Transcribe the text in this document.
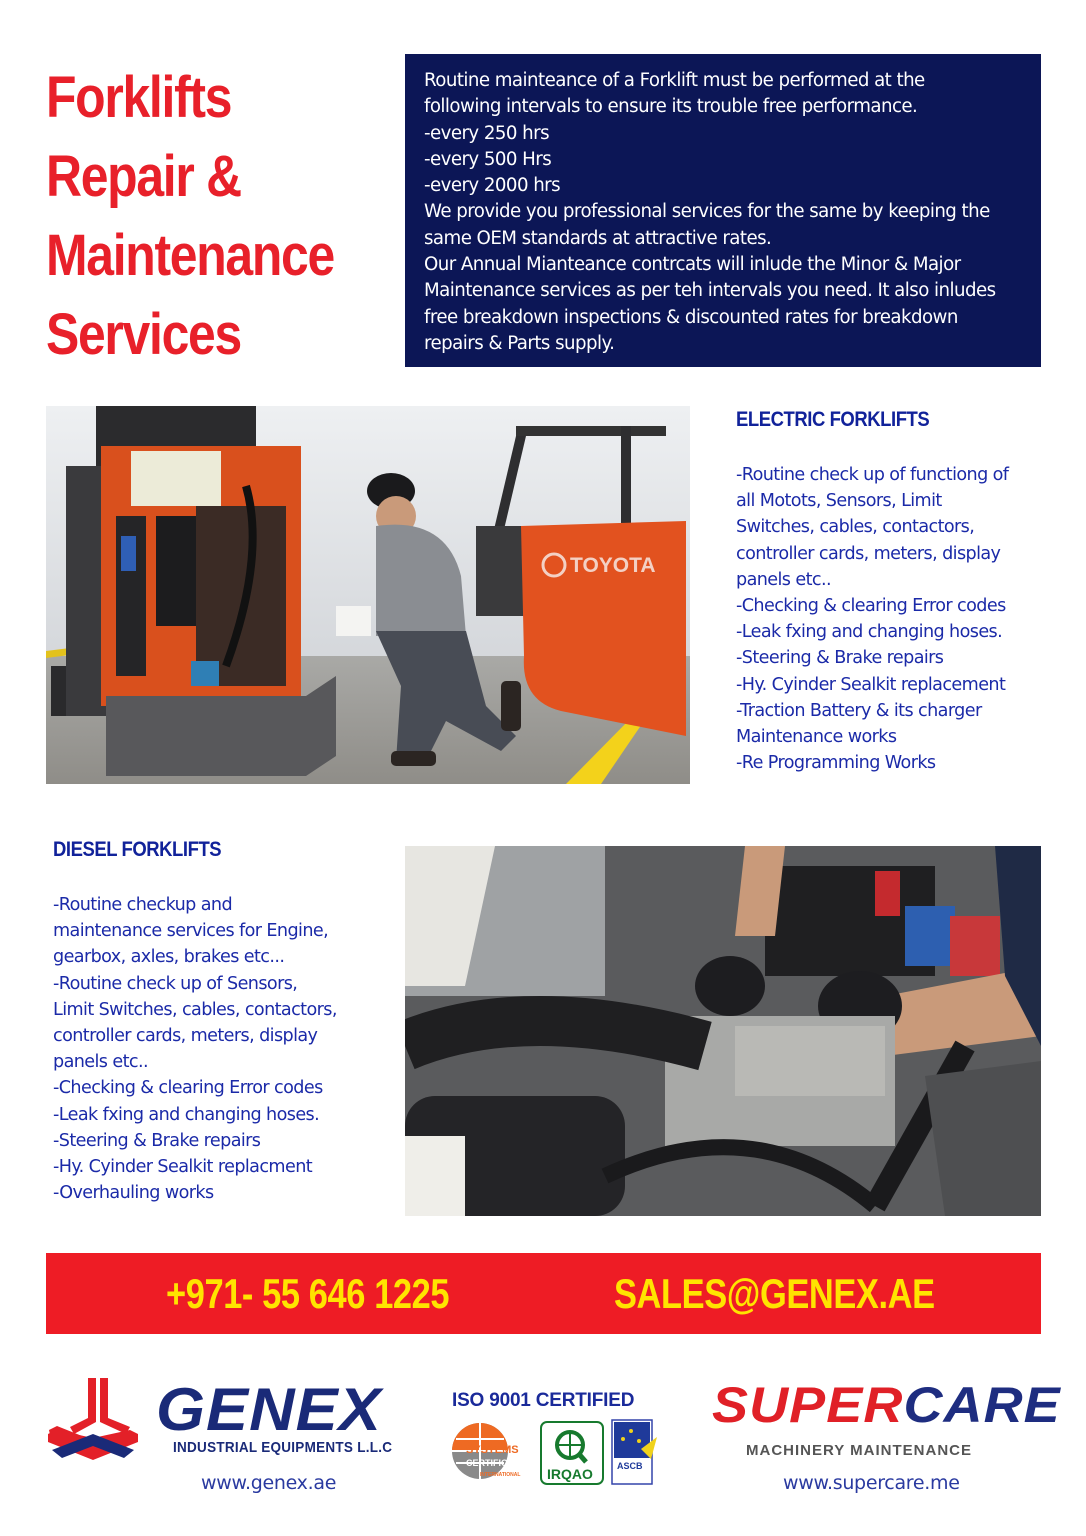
Forklifts
Repair &
Maintenance
Services

Routine mainteance of a Forklift must be performed at the

following intervals to ensure its trouble free performance.

-every 250 hrs

-every 500 Hrs

-every 2000 hrs

We provide you professional services for the same by keeping the

same OEM standards at attractive rates.

Our Annual Mianteance contrcats will inlude the Minor & Major

Maintenance services as per teh intervals you need. It also inludes

free breakdown inspections & discounted rates for breakdown

repairs & Parts supply.

TOYOTA
ELECTRIC FORKLIFTS

-Routine check up of functiong of

all Motots, Sensors, Limit

Switches, cables, contactors,

controller cards, meters, display

panels etc..

-Checking & clearing Error codes

-Leak fxing and changing hoses.

-Steering & Brake repairs

-Hy. Cyinder Sealkit replacement

-Traction Battery & its charger

Maintenance works

-Re Programming Works

DIESEL FORKLIFTS

-Routine checkup and

maintenance services for Engine,

gearbox, axles, brakes etc...

-Routine check up of Sensors,

Limit Switches, cables, contactors,

controller cards, meters, display

panels etc..

-Checking & clearing Error codes

-Leak fxing and changing hoses.

-Steering & Brake repairs

-Hy. Cyinder Sealkit replacment

-Overhauling works

+971- 55 646 1225	SALES@GENEX.AE
GENEX
INDUSTRIAL EQUIPMENTS L.L.C
www.genex.ae
ISO 9001 CERTIFIED
SYSTEMS
CERTIFICATION
INTERNATIONAL IRQAO	ASCB
SUPERCARE
MACHINERY MAINTENANCE
www.supercare.me
